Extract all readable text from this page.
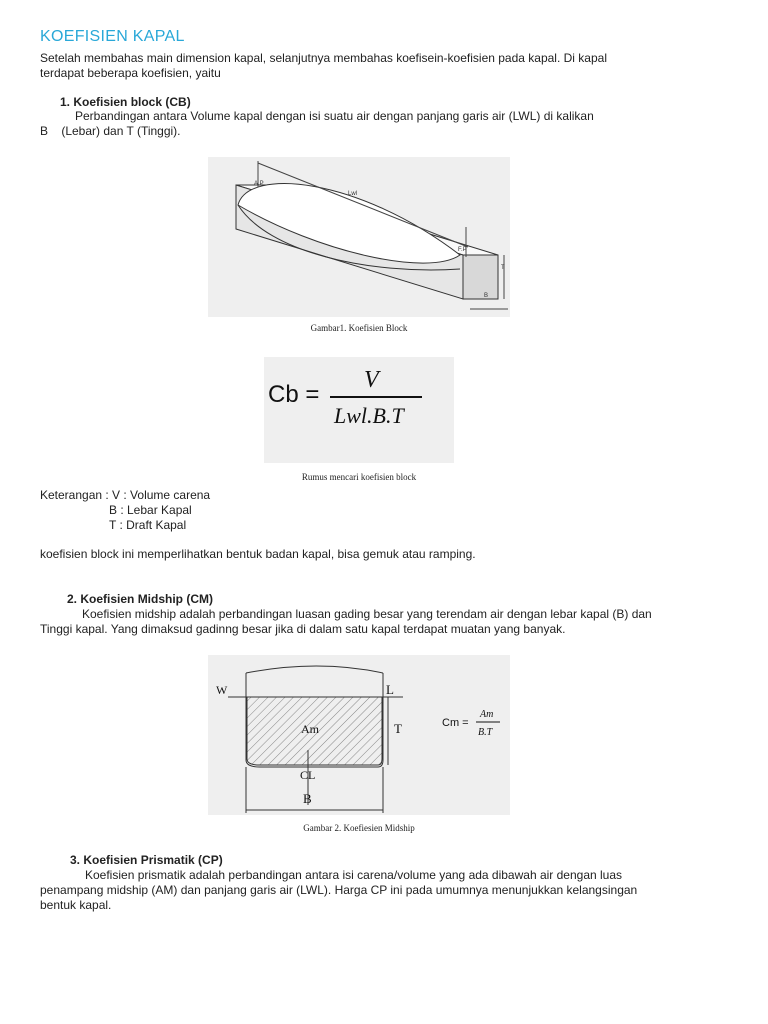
KOEFISIEN KAPAL
Setelah membahas main dimension kapal, selanjutnya membahas koefisein-koefisien pada kapal. Di kapal
terdapat beberapa koefisien, yaitu
1. Koefisien block (CB)
Perbandingan antara Volume kapal dengan isi suatu air dengan panjang garis air (LWL) di kalikan
B    (Lebar) dan T (Tinggi).
A.P
Lwl
F.P
T
B
Gambar1. Koefisien Block
Cb =
V
Lwl.B.T
Rumus mencari koefisien block
Keterangan : V : Volume carena
B : Lebar Kapal
T : Draft Kapal
koefisien block ini memperlihatkan bentuk badan kapal, bisa gemuk atau ramping.
2. Koefisien Midship (CM)
Koefisien midship adalah perbandingan luasan gading besar yang terendam air dengan lebar kapal (B) dan
Tinggi kapal. Yang dimaksud gadinng besar jika di dalam satu kapal terdapat muatan yang banyak.
W	L
Am	T
CL
B
Cm =
Am
B.T
Gambar 2. Koefiesien Midship
3. Koefisien Prismatik (CP)
Koefisien prismatik adalah perbandingan antara isi carena/volume yang ada dibawah air dengan luas
penampang midship (AM) dan panjang garis air (LWL). Harga CP ini pada umumnya menunjukkan kelangsingan
bentuk kapal.
